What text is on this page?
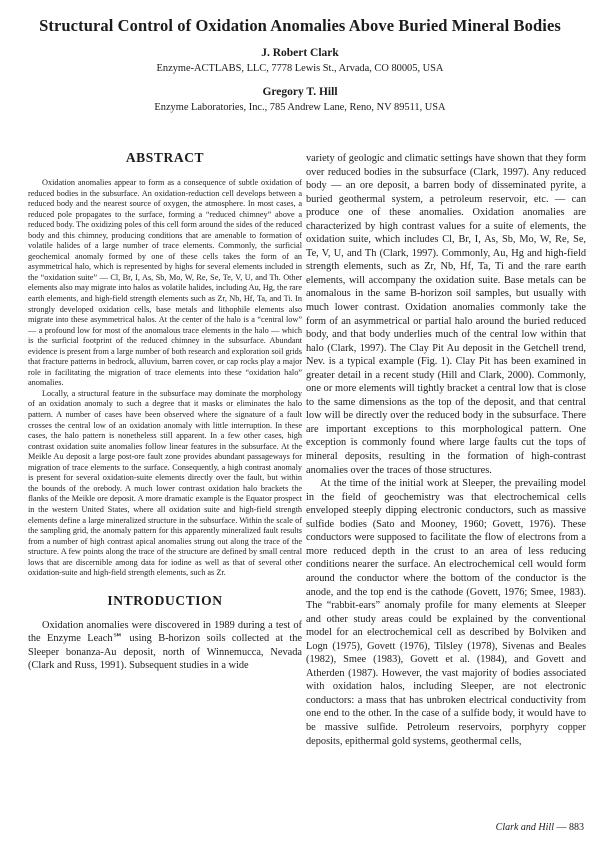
Structural Control of Oxidation Anomalies Above Buried Mineral Bodies
J. Robert Clark
Enzyme-ACTLABS, LLC, 7778 Lewis St., Arvada, CO 80005, USA
Gregory T. Hill
Enzyme Laboratories, Inc., 785 Andrew Lane, Reno, NV 89511, USA
ABSTRACT

Oxidation anomalies appear to form as a consequence of subtle oxidation of reduced bodies in the subsurface. An oxidation-reduction cell develops between a reduced body and the nearest source of oxygen, the atmosphere. In most cases, a reduced pole propagates to the surface, forming a “reduced chimney” above a reduced body. The oxidizing poles of this cell form around the sides of the reduced body and this chimney, producing conditions that are amenable to formation of volatile halides of a large number of trace elements. Commonly, the surficial geochemical anomaly formed by one of these cells takes the form of an asymmetrical halo, which is represented by highs for several elements included in the “oxidation suite” — Cl, Br, I, As, Sb, Mo, W, Re, Se, Te, V, U, and Th. Other elements also may migrate into halos as volatile halides, including Au, Hg, the rare earth elements, and high-field strength elements such as Zr, Nb, Hf, Ta, and Ti. In strongly developed oxidation cells, base metals and lithophile elements also migrate into these asymmetrical halos. At the center of the halo is a “central low” — a profound low for most of the anomalous trace elements in the halo — which is the surficial footprint of the reduced chimney in the subsurface. Abundant evidence is present from a large number of both research and exploration soil grids that fracture patterns in bedrock, alluvium, barren cover, or cap rocks play a major role in facilitating the migration of trace elements into these “oxidation halo” anomalies.

Locally, a structural feature in the subsurface may dominate the morphology of an oxidation anomaly to such a degree that it masks or eliminates the halo pattern. A number of cases have been observed where the signature of a fault crosses the central low of an oxidation anomaly with little interruption. In these cases, the halo pattern is nonetheless still apparent. In a few other cases, high contrast oxidation suite anomalies follow linear features in the subsurface. At the Meikle Au deposit a large post-ore fault zone provides abundant passageways for migration of trace elements to the surface. Consequently, a high contrast anomaly is present for several oxidation-suite elements directly over the fault, but within the bounds of the orebody. A much lower contrast oxidation halo brackets the flanks of the Meikle ore deposit. A more dramatic example is the Equator prospect in the western United States, where all oxidation suite and high-field strength elements define a large mineralized structure in the subsurface. Within the scale of the sampling grid, the anomaly pattern for this apparently mineralized fault results from a number of high contrast apical anomalies strung out along the trace of the structure. A few points along the trace of the structure are defined by small central lows that are discernible among data for iodine as well as that of several other oxidation-suite and high-field strength elements, such as Zr.

INTRODUCTION

Oxidation anomalies were discovered in 1989 during a test of the Enzyme Leach℠ using B-horizon soils collected at the Sleeper bonanza-Au deposit, north of Winnemucca, Nevada (Clark and Russ, 1991). Subsequent studies in a wide

variety of geologic and climatic settings have shown that they form over reduced bodies in the subsurface (Clark, 1997). Any reduced body — an ore deposit, a barren body of disseminated pyrite, a buried geothermal system, a petroleum reservoir, etc. — can produce one of these anomalies. Oxidation anomalies are characterized by high contrast values for a suite of elements, the oxidation suite, which includes Cl, Br, I, As, Sb, Mo, W, Re, Se, Te, V, U, and Th (Clark, 1997). Commonly, Au, Hg and high-field strength elements, such as Zr, Nb, Hf, Ta, Ti and the rare earth elements, will accompany the oxidation suite. Base metals can be anomalous in the same B-horizon soil samples, but usually with much lower contrast. Oxidation anomalies commonly take the form of an asymmetrical or partial halo around the buried reduced body, and that body underlies much of the central low within that halo (Clark, 1997). The Clay Pit Au deposit in the Getchell trend, Nev. is a typical example (Fig. 1). Clay Pit has been examined in greater detail in a recent study (Hill and Clark, 2000). Commonly, one or more elements will tightly bracket a central low that is close to the same dimensions as the top of the deposit, and that central low will be directly over the reduced body in the subsurface. There are important exceptions to this morphological pattern. One exception is commonly found where large faults cut the tops of mineral deposits, resulting in the formation of high-contrast anomalies over the traces of those structures.

At the time of the initial work at Sleeper, the prevailing model in the field of geochemistry was that electrochemical cells enveloped steeply dipping electronic conductors, such as massive sulfide bodies (Sato and Mooney, 1960; Govett, 1976). These conductors were supposed to facilitate the flow of electrons from a more reduced depth in the crust to an area of less reducing conditions nearer the surface. An electrochemical cell would form around the conductor where the bottom of the conductor is the anode, and the top end is the cathode (Govett, 1976; Smee, 1983). The “rabbit-ears” anomaly profile for many elements at Sleeper and other study areas could be explained by the conventional model for an electrochemical cell as described by Bolviken and Logn (1975), Govett (1976), Tilsley (1978), Sivenas and Beales (1982), Smee (1983), Govett et al. (1984), and Govett and Atherden (1987). However, the vast majority of bodies associated with oxidation halos, including Sleeper, are not electronic conductors: a mass that has unbroken electrical conductivity from one end to the other. In the case of a sulfide body, it would have to be massive sulfide. Petroleum reservoirs, porphyry copper deposits, epithermal gold systems, geothermal cells,

Clark and Hill — 883
